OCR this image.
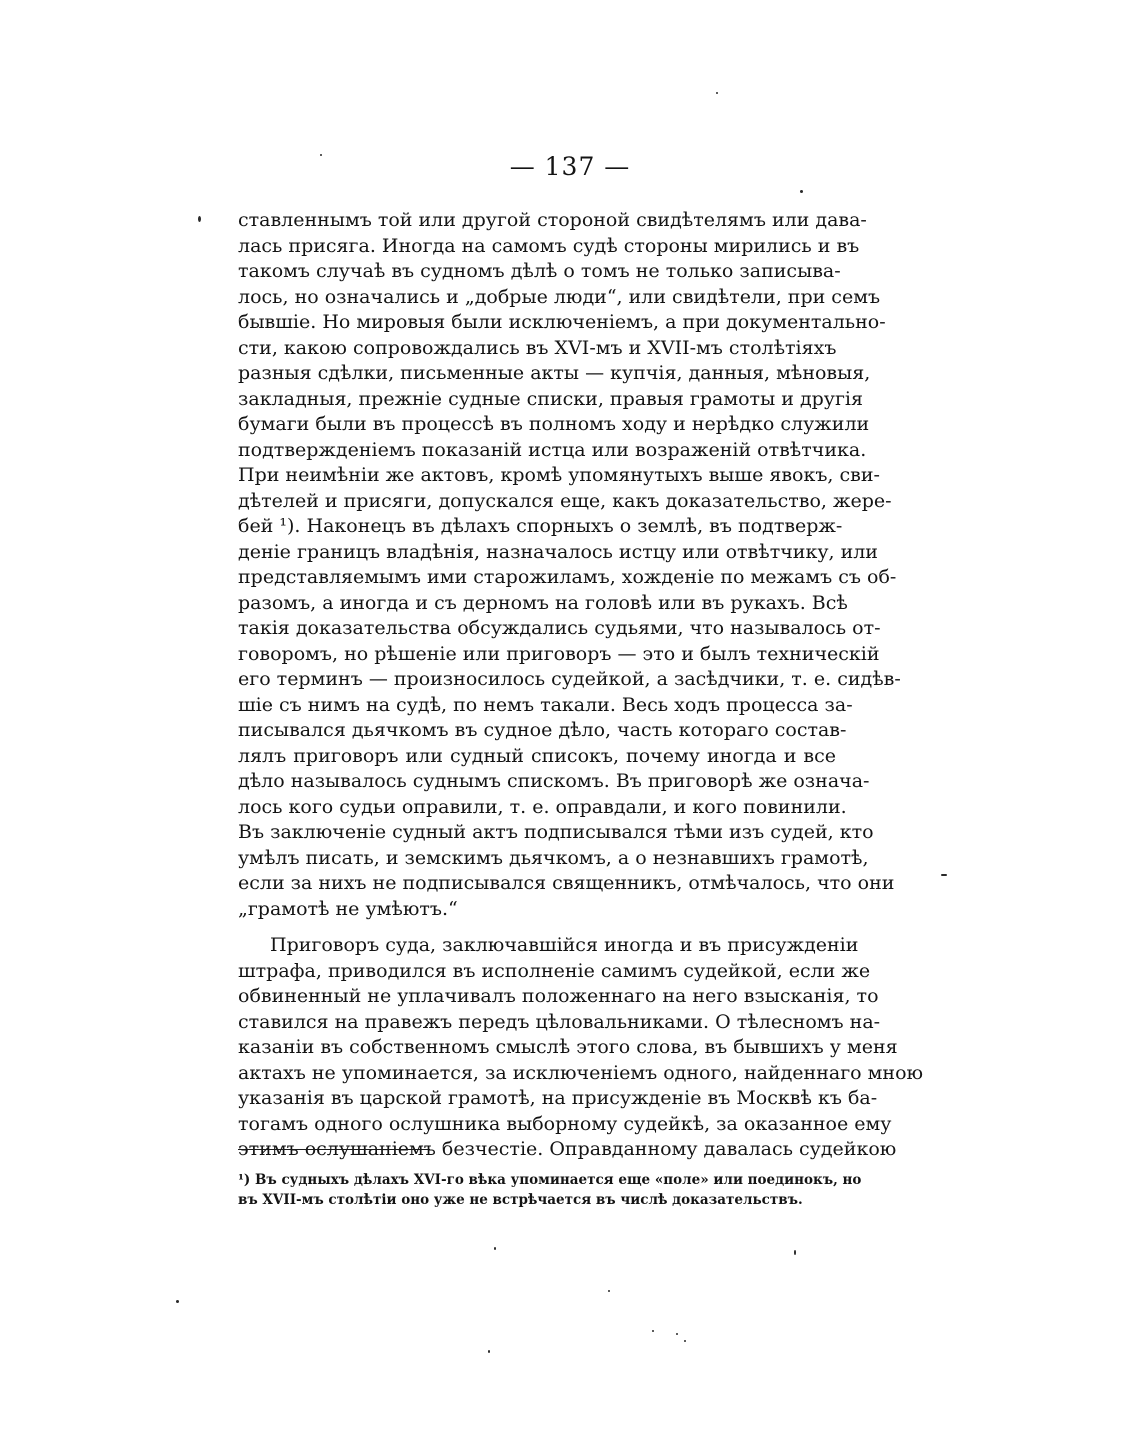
— 137 —
ставленнымъ той или другой стороной свидѣтелямъ или дава-
лась присяга. Иногда на самомъ судѣ стороны мирились и въ
такомъ случаѣ въ судномъ дѣлѣ о томъ не только записыва-
лось, но означались и „добрые люди“, или свидѣтели, при семъ
бывшіе. Но мировыя были исключеніемъ, а при документально-
сти, какою сопровождались въ XVI-мъ и XVII-мъ столѣтіяхъ
разныя сдѣлки, письменные акты — купчія, данныя, мѣновыя,
закладныя, прежніе судные списки, правыя грамоты и другія
бумаги были въ процессѣ въ полномъ ходу и нерѣдко служили
подтвержденіемъ показаній истца или возраженій отвѣтчика.
При неимѣніи же актовъ, кромѣ упомянутыхъ выше явокъ, сви-
дѣтелей и присяги, допускался еще, какъ доказательство, жере-
бей ¹). Наконецъ въ дѣлахъ спорныхъ о землѣ, въ подтверж-
деніе границъ владѣнія, назначалось истцу или отвѣтчику, или
представляемымъ ими старожиламъ, хожденіе по межамъ съ об-
разомъ, а иногда и съ дерномъ на головѣ или въ рукахъ. Всѣ
такія доказательства обсуждались судьями, что называлось от-
говоромъ, но рѣшеніе или приговоръ — это и былъ техническій
его терминъ — произносилось судейкой, а засѣдчики, т. е. сидѣв-
шіе съ нимъ на судѣ, по немъ такали. Весь ходъ процесса за-
писывался дьячкомъ въ судное дѣло, часть котораго состав-
лялъ приговоръ или судный списокъ, почему иногда и все
дѣло называлось суднымъ спискомъ. Въ приговорѣ же означа-
лось кого судьи оправили, т. е. оправдали, и кого повинили.
Въ заключеніе судный актъ подписывался тѣми изъ судей, кто
умѣлъ писать, и земскимъ дьячкомъ, а о незнавшихъ грамотѣ,
если за нихъ не подписывался священникъ, отмѣчалось, что они
„грамотѣ не умѣютъ.“
Приговоръ суда, заключавшійся иногда и въ присужденіи
штрафа, приводился въ исполненіе самимъ судейкой, если же
обвиненный не уплачивалъ положеннаго на него взысканія, то
ставился на правежъ передъ цѣловальниками. О тѣлесномъ на-
казаніи въ собственномъ смыслѣ этого слова, въ бывшихъ у меня
актахъ не упоминается, за исключеніемъ одного, найденнаго мною
указанія въ царской грамотѣ, на присужденіе въ Москвѣ къ ба-
тогамъ одного ослушника выборному судейкѣ, за оказанное ему
этимъ ослушаніемъ безчестіе. Оправданному давалась судейкою
¹) Въ судныхъ дѣлахъ XVI-го вѣка упоминается еще «поле» или поединокъ, но
въ XVII-мъ столѣтіи оно уже не встрѣчается въ числѣ доказательствъ.
